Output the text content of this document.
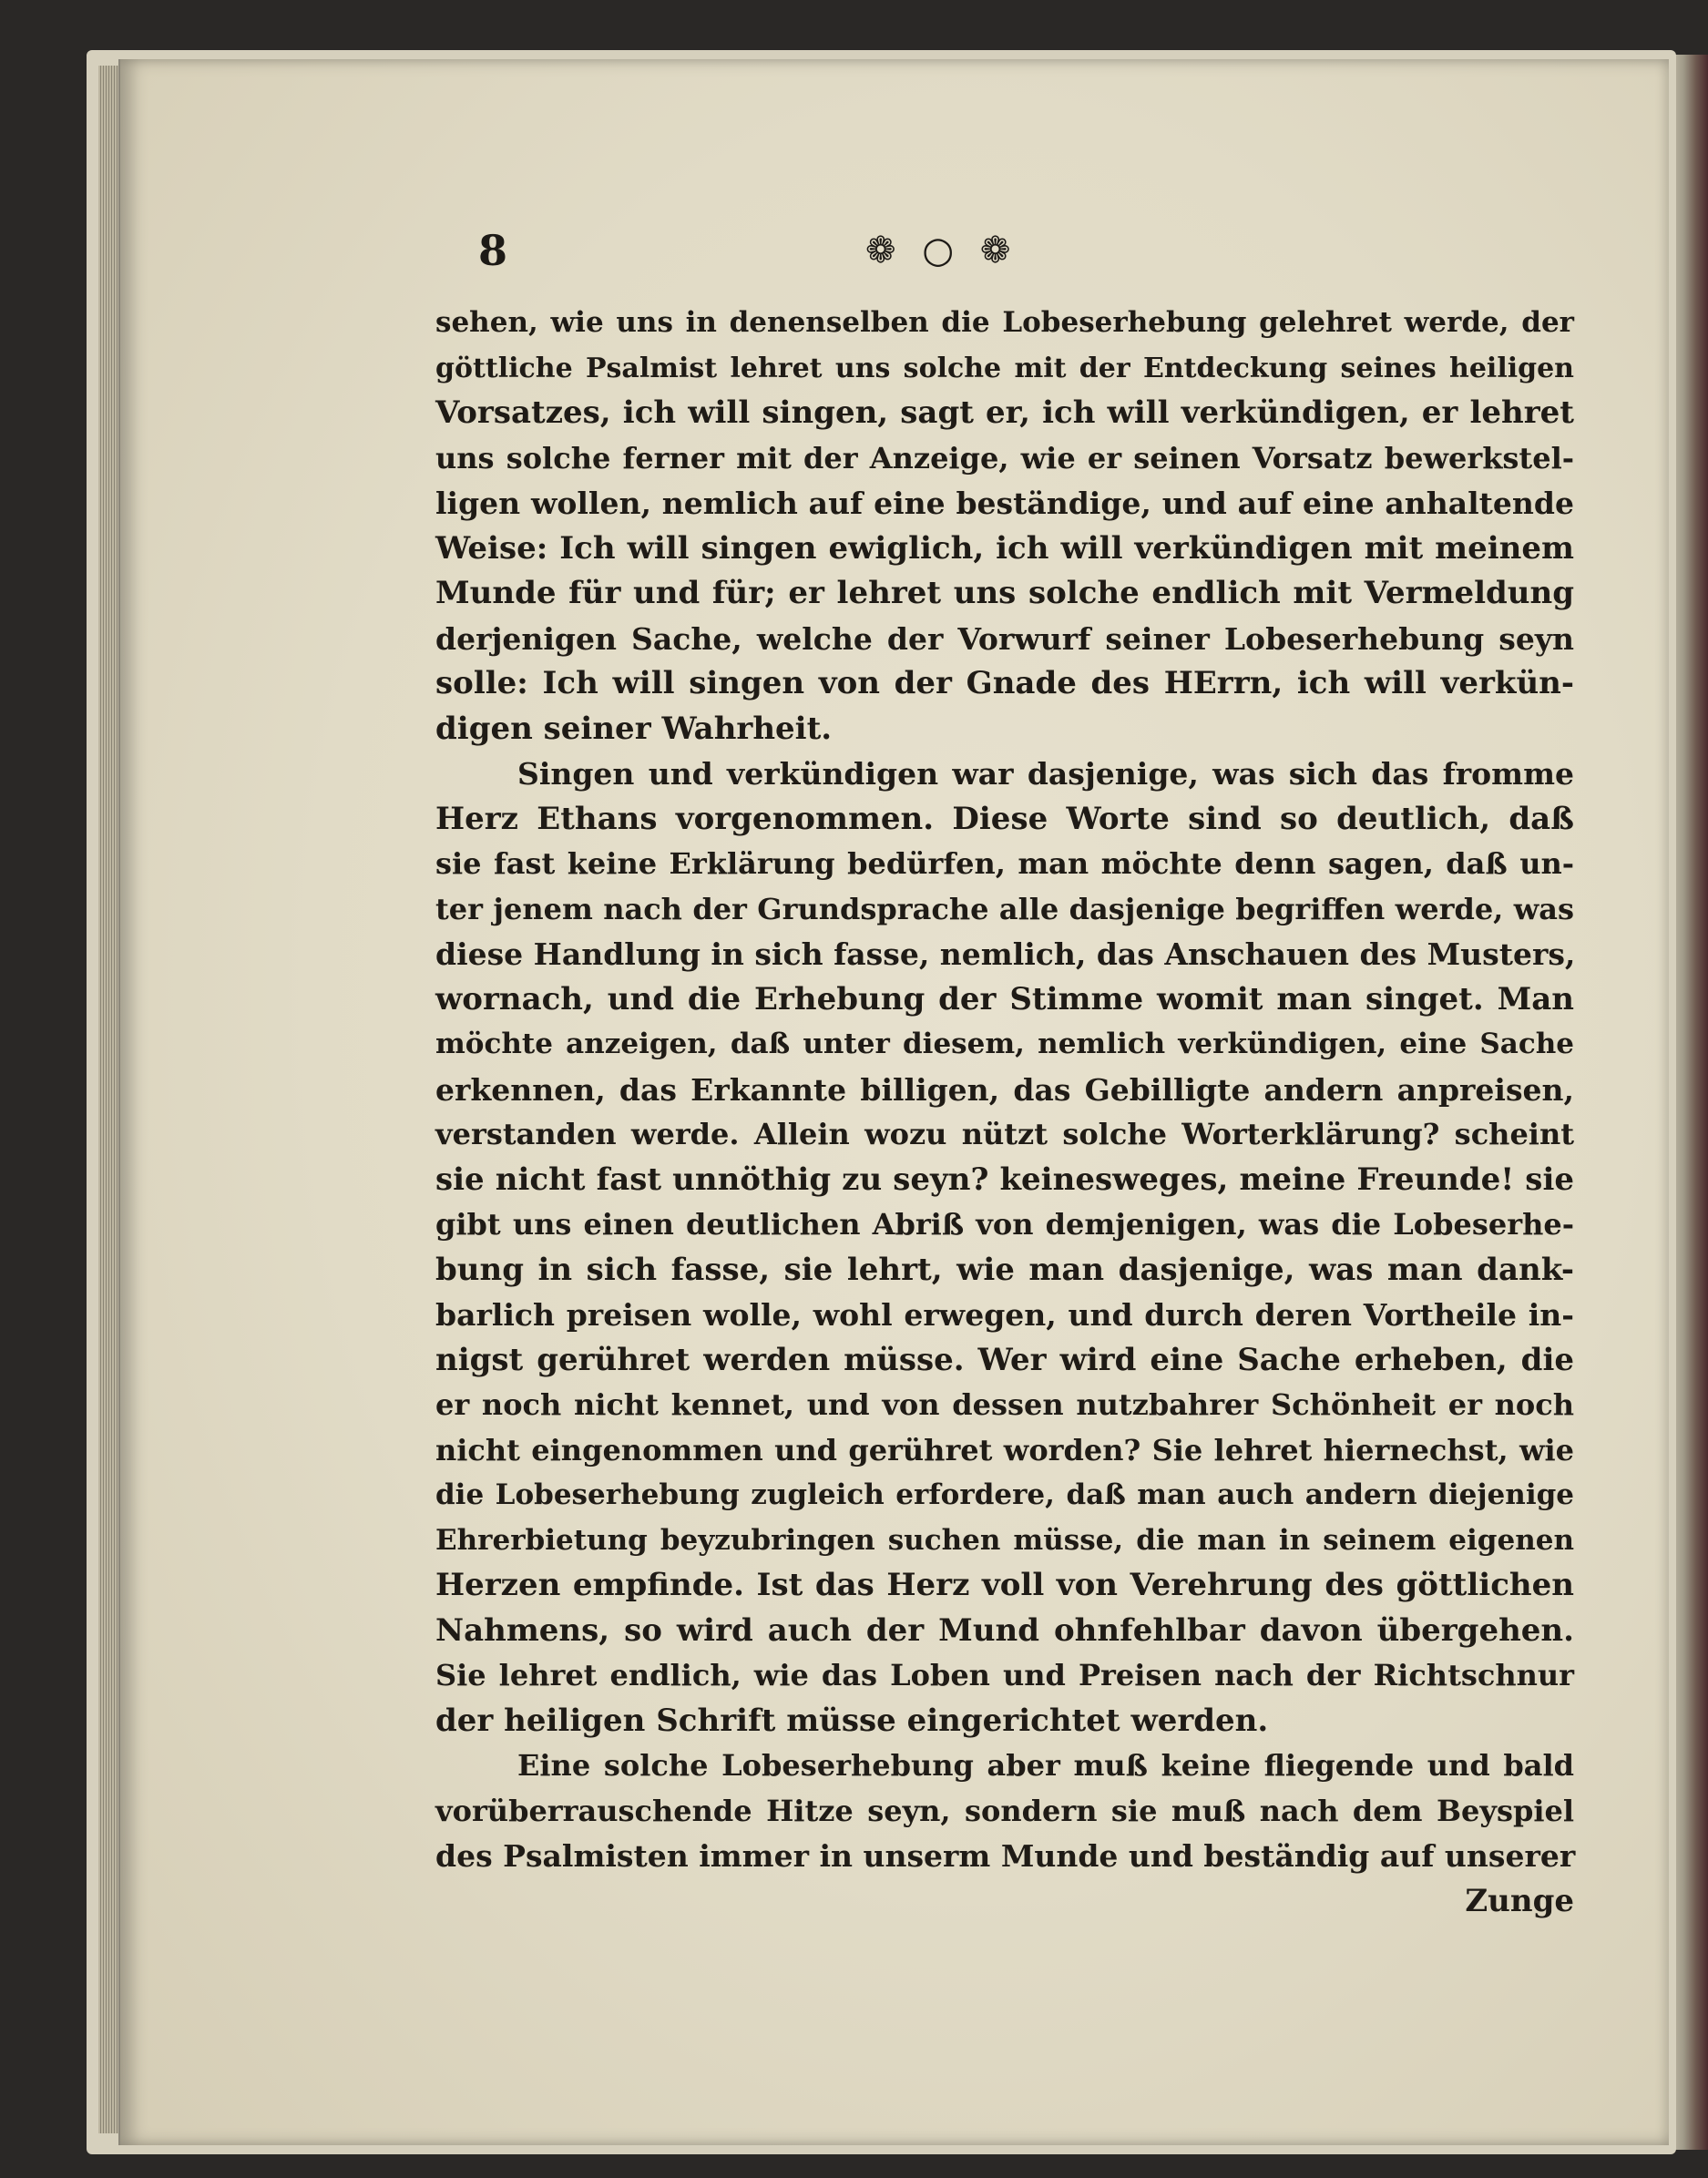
8	❁ ○ ❁
sehen, wie uns in denenselben die Lobeserhebung gelehret werde, der
göttliche Psalmist lehret uns solche mit der Entdeckung seines heiligen
Vorsatzes, ich will singen, sagt er, ich will verkündigen, er lehret
uns solche ferner mit der Anzeige, wie er seinen Vorsatz bewerkstel-
ligen wollen, nemlich auf eine beständige, und auf eine anhaltende
Weise: Ich will singen ewiglich, ich will verkündigen mit meinem
Munde für und für; er lehret uns solche endlich mit Vermeldung
derjenigen Sache, welche der Vorwurf seiner Lobeserhebung seyn
solle: Ich will singen von der Gnade des HErrn, ich will verkün-
digen seiner Wahrheit.
Singen und verkündigen war dasjenige, was sich das fromme
Herz Ethans vorgenommen. Diese Worte sind so deutlich, daß
sie fast keine Erklärung bedürfen, man möchte denn sagen, daß un-
ter jenem nach der Grundsprache alle dasjenige begriffen werde, was
diese Handlung in sich fasse, nemlich, das Anschauen des Musters,
wornach, und die Erhebung der Stimme womit man singet. Man
möchte anzeigen, daß unter diesem, nemlich verkündigen, eine Sache
erkennen, das Erkannte billigen, das Gebilligte andern anpreisen,
verstanden werde. Allein wozu nützt solche Worterklärung? scheint
sie nicht fast unnöthig zu seyn? keinesweges, meine Freunde! sie
gibt uns einen deutlichen Abriß von demjenigen, was die Lobeserhe-
bung in sich fasse, sie lehrt, wie man dasjenige, was man dank-
barlich preisen wolle, wohl erwegen, und durch deren Vortheile in-
nigst gerühret werden müsse. Wer wird eine Sache erheben, die
er noch nicht kennet, und von dessen nutzbahrer Schönheit er noch
nicht eingenommen und gerühret worden? Sie lehret hiernechst, wie
die Lobeserhebung zugleich erfordere, daß man auch andern diejenige
Ehrerbietung beyzubringen suchen müsse, die man in seinem eigenen
Herzen empfinde. Ist das Herz voll von Verehrung des göttlichen
Nahmens, so wird auch der Mund ohnfehlbar davon übergehen.
Sie lehret endlich, wie das Loben und Preisen nach der Richtschnur
der heiligen Schrift müsse eingerichtet werden.
Eine solche Lobeserhebung aber muß keine fliegende und bald
vorüberrauschende Hitze seyn, sondern sie muß nach dem Beyspiel
des Psalmisten immer in unserm Munde und beständig auf unserer
Zunge
